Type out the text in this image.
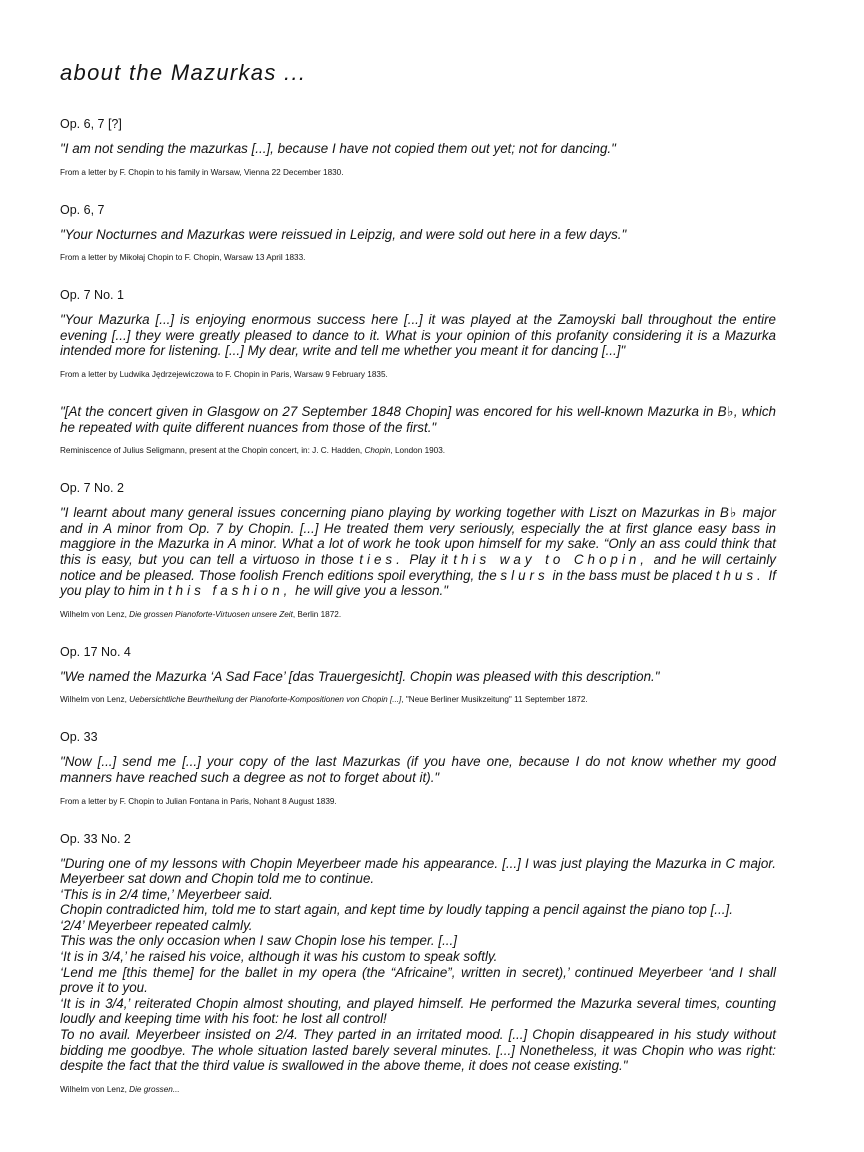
about the Mazurkas ...

Op. 6, 7 [?]

"I am not sending the mazurkas [...], because I have not copied them out yet; not for dancing."

From a letter by F. Chopin to his family in Warsaw, Vienna 22 December 1830.

Op. 6, 7

"Your Nocturnes and Mazurkas were reissued in Leipzig, and were sold out here in a few days."

From a letter by Mikołaj Chopin to F. Chopin, Warsaw 13 April 1833.

Op. 7 No. 1

"Your Mazurka [...] is enjoying enormous success here [...] it was played at the Zamoyski ball throughout the entire evening [...] they were greatly pleased to dance to it. What is your opinion of this profanity considering it is a Mazurka intended more for listening. [...] My dear, write and tell me whether you meant it for dancing [...]"

From a letter by Ludwika Jędrzejewiczowa to F. Chopin in Paris, Warsaw 9 February 1835.

"[At the concert given in Glasgow on 27 September 1848 Chopin] was encored for his well-known Mazurka in B♭, which he repeated with quite different nuances from those of the first."

Reminiscence of Julius Seligmann, present at the Chopin concert, in: J. C. Hadden, Chopin, London 1903.

Op. 7 No. 2

"I learnt about many general issues concerning piano playing by working together with Liszt on Mazurkas in B♭ major and in A minor from Op. 7 by Chopin. [...] He treated them very seriously, especially the at first glance easy bass in maggiore in the Mazurka in A minor. What a lot of work he took upon himself for my sake. “Only an ass could think that this is easy, but you can tell a virtuoso in those ties. Play it this way to Chopin, and he will certainly notice and be pleased. Those foolish French editions spoil everything, the slurs in the bass must be placed thus. If you play to him in this fashion, he will give you a lesson."

Wilhelm von Lenz, Die grossen Pianoforte-Virtuosen unsere Zeit, Berlin 1872.

Op. 17 No. 4

"We named the Mazurka ‘A Sad Face’ [das Trauergesicht]. Chopin was pleased with this description."

Wilhelm von Lenz, Uebersichtliche Beurtheilung der Pianoforte-Kompositionen von Chopin [...], "Neue Berliner Musikzeitung" 11 September 1872.

Op. 33

"Now [...] send me [...] your copy of the last Mazurkas (if you have one, because I do not know whether my good manners have reached such a degree as not to forget about it)."

From a letter by F. Chopin to Julian Fontana in Paris, Nohant 8 August 1839.

Op. 33 No. 2

"During one of my lessons with Chopin Meyerbeer made his appearance. [...] I was just playing the Mazurka in C major. Meyerbeer sat down and Chopin told me to continue.
‘This is in 2/4 time,’ Meyerbeer said.
Chopin contradicted him, told me to start again, and kept time by loudly tapping a pencil against the piano top [...].
‘2/4’ Meyerbeer repeated calmly.
This was the only occasion when I saw Chopin lose his temper. [...]
‘It is in 3/4,’ he raised his voice, although it was his custom to speak softly.
‘Lend me [this theme] for the ballet in my opera (the “Africaine”, written in secret),’ continued Meyerbeer ‘and I shall prove it to you.
‘It is in 3/4,’ reiterated Chopin almost shouting, and played himself. He performed the Mazurka several times, counting loudly and keeping time with his foot: he lost all control!
To no avail. Meyerbeer insisted on 2/4. They parted in an irritated mood. [...] Chopin disappeared in his study without bidding me goodbye. The whole situation lasted barely several minutes. [...] Nonetheless, it was Chopin who was right: despite the fact that the third value is swallowed in the above theme, it does not cease existing."

Wilhelm von Lenz, Die grossen...
